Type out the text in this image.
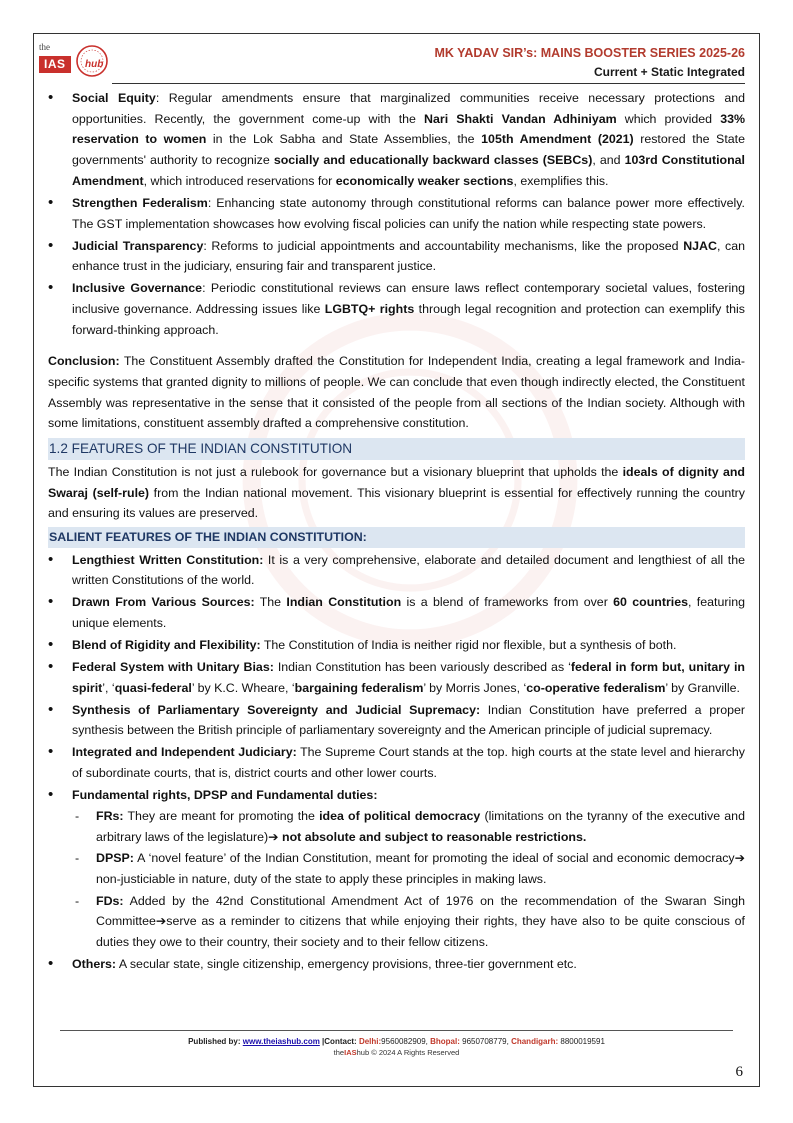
the
IAS	hub
MK YADAV SIR’s: MAINS BOOSTER SERIES 2025-26
Current + Static Integrated
• Social Equity: Regular amendments ensure that marginalized communities receive necessary protections and opportunities. Recently, the government come-up with the Nari Shakti Vandan Adhiniyam which provided 33% reservation to women in the Lok Sabha and State Assemblies, the 105th Amendment (2021) restored the State governments' authority to recognize socially and educationally backward classes (SEBCs), and 103rd Constitutional Amendment, which introduced reservations for economically weaker sections, exemplifies this.
• Strengthen Federalism: Enhancing state autonomy through constitutional reforms can balance power more effectively. The GST implementation showcases how evolving fiscal policies can unify the nation while respecting state powers.
• Judicial Transparency: Reforms to judicial appointments and accountability mechanisms, like the proposed NJAC, can enhance trust in the judiciary, ensuring fair and transparent justice.
• Inclusive Governance: Periodic constitutional reviews can ensure laws reflect contemporary societal values, fostering inclusive governance. Addressing issues like LGBTQ+ rights through legal recognition and protection can exemplify this forward-thinking approach.

Conclusion: The Constituent Assembly drafted the Constitution for Independent India, creating a legal framework and India-specific systems that granted dignity to millions of people. We can conclude that even though indirectly elected, the Constituent Assembly was representative in the sense that it consisted of the people from all sections of the Indian society. Although with some limitations, constituent assembly drafted a comprehensive constitution.

1.2 FEATURES OF THE INDIAN CONSTITUTION

The Indian Constitution is not just a rulebook for governance but a visionary blueprint that upholds the ideals of dignity and Swaraj (self-rule) from the Indian national movement. This visionary blueprint is essential for effectively running the country and ensuring its values are preserved.

SALIENT FEATURES OF THE INDIAN CONSTITUTION:
• Lengthiest Written Constitution: It is a very comprehensive, elaborate and detailed document and lengthiest of all the written Constitutions of the world.
• Drawn From Various Sources: The Indian Constitution is a blend of frameworks from over 60 countries, featuring unique elements.
• Blend of Rigidity and Flexibility: The Constitution of India is neither rigid nor flexible, but a synthesis of both.
• Federal System with Unitary Bias: Indian Constitution has been variously described as ‘federal in form but, unitary in spirit’, ‘quasi-federal’ by K.C. Wheare, ‘bargaining federalism’ by Morris Jones, ‘co-operative federalism’ by Granville.
• Synthesis of Parliamentary Sovereignty and Judicial Supremacy: Indian Constitution have preferred a proper synthesis between the British principle of parliamentary sovereignty and the American principle of judicial supremacy.
• Integrated and Independent Judiciary: The Supreme Court stands at the top. high courts at the state level and hierarchy of subordinate courts, that is, district courts and other lower courts.
• Fundamental rights, DPSP and Fundamental duties:
- FRs: They are meant for promoting the idea of political democracy (limitations on the tyranny of the executive and arbitrary laws of the legislature)➔ not absolute and subject to reasonable restrictions.
- DPSP: A ‘novel feature’ of the Indian Constitution, meant for promoting the ideal of social and economic democracy➔ non-justiciable in nature, duty of the state to apply these principles in making laws.
- FDs: Added by the 42nd Constitutional Amendment Act of 1976 on the recommendation of the Swaran Singh Committee➔serve as a reminder to citizens that while enjoying their rights, they have also to be quite conscious of duties they owe to their country, their society and to their fellow citizens.
• Others: A secular state, single citizenship, emergency provisions, three-tier government etc.
Published by: www.theiashub.com |Contact: Delhi:9560082909, Bhopal: 9650708779, Chandigarh: 8800019591
theIAShub © 2024 A Rights Reserved
6
